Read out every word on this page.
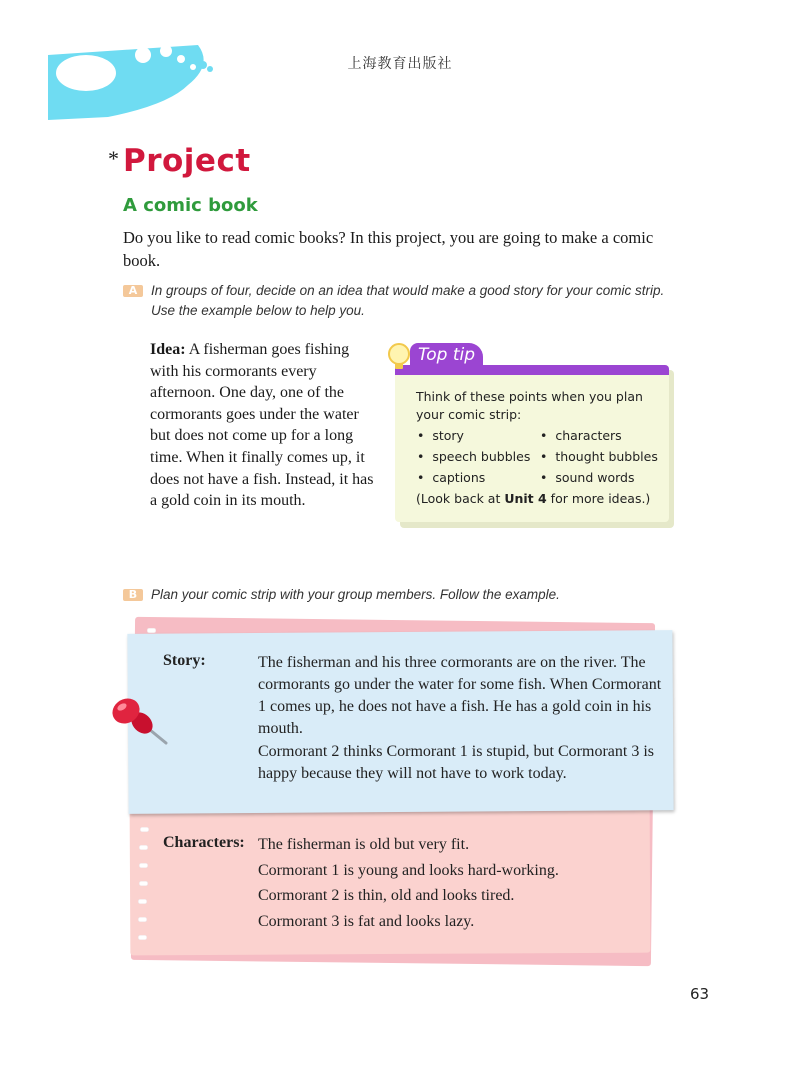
上海教育出版社
* Project
A comic book
Do you like to read comic books? In this project, you are going to make a comic book.
A	In groups of four, decide on an idea that would make a good story for your comic strip. Use the example below to help you.
Idea: A fisherman goes fishing with his cormorants every afternoon. One day, one of the cormorants goes under the water but does not come up for a long time. When it finally comes up, it does not have a fish. Instead, it has a gold coin in its mouth.
Top tip
Think of these points when you plan your comic strip:
•  story
•  speech bubbles
•  captions
•  characters
•  thought bubbles
•  sound words
(Look back at Unit 4 for more ideas.)
B	Plan your comic strip with your group members. Follow the example.
Story:	The fisherman and his three cormorants are on the river. The cormorants go under the water for some fish. When Cormorant 1 comes up, he does not have a fish. He has a gold coin in his mouth.
Cormorant 2 thinks Cormorant 1 is stupid, but Cormorant 3 is happy because they will not have to work today.
Characters: The fisherman is old but very fit.
Cormorant 1 is young and looks hard-working.
Cormorant 2 is thin, old and looks tired.
Cormorant 3 is fat and looks lazy.
63
